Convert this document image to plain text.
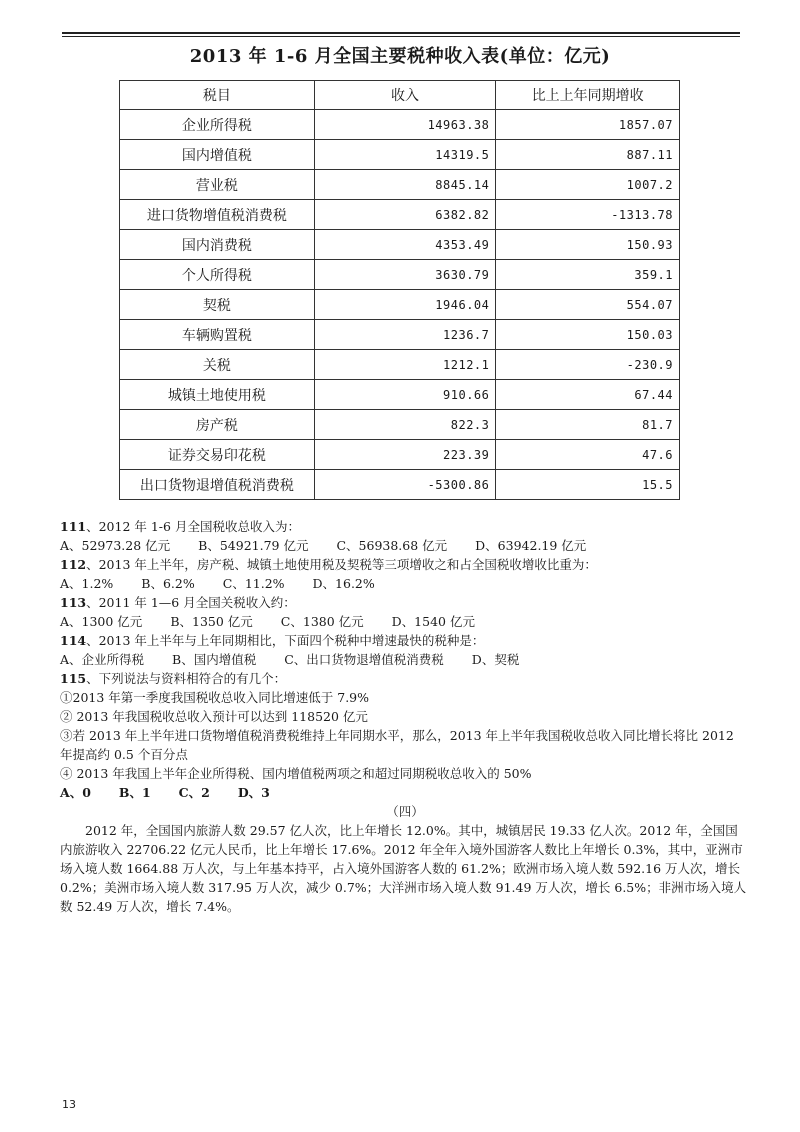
2013 年 1-6 月全国主要税种收入表(单位：亿元)
税目	收入	比上上年同期增收
企业所得税	14963.38	1857.07
国内增值税	14319.5	887.11
营业税	8845.14	1007.2
进口货物增值税消费税	6382.82	-1313.78
国内消费税	4353.49	150.93
个人所得税	3630.79	359.1
契税	1946.04	554.07
车辆购置税	1236.7	150.03
关税	1212.1	-230.9
城镇土地使用税	910.66	67.44
房产税	822.3	81.7
证券交易印花税	223.39	47.6
出口货物退增值税消费税	-5300.86	15.5

111、2012 年 1-6 月全国税收总收入为：

A、52973.28 亿元 B、54921.79 亿元 C、56938.68 亿元 D、63942.19 亿元

112、2013 年上半年，房产税、城镇土地使用税及契税等三项增收之和占全国税收增收比重为：

A、1.2% B、6.2% C、11.2% D、16.2%

113、2011 年 1—6 月全国关税收入约：

A、1300 亿元 B、1350 亿元 C、1380 亿元 D、1540 亿元

114、2013 年上半年与上年同期相比，下面四个税种中增速最快的税种是：

A、企业所得税 B、国内增值税 C、出口货物退增值税消费税 D、契税

115、下列说法与资料相符合的有几个：

①2013 年第一季度我国税收总收入同比增速低于 7.9%

② 2013 年我国税收总收入预计可以达到 118520 亿元

③若 2013 年上半年进口货物增值税消费税维持上年同期水平，那么，2013 年上半年我国税收总收入同比增长将比 2012 年提高约 0.5 个百分点

④ 2013 年我国上半年企业所得税、国内增值税两项之和超过同期税收总收入的 50%

A、0 B、1 C、2 D、3

（四）

2012 年，全国国内旅游人数 29.57 亿人次，比上年增长 12.0%。其中，城镇居民 19.33 亿人次。2012 年，全国国内旅游收入 22706.22 亿元人民币，比上年增长 17.6%。2012 年全年入境外国游客人数比上年增长 0.3%，其中，亚洲市场入境人数 1664.88 万人次，与上年基本持平，占入境外国游客人数的 61.2%；欧洲市场入境人数 592.16 万人次，增长 0.2%；美洲市场入境人数 317.95 万人次，减少 0.7%；大洋洲市场入境人数 91.49 万人次，增长 6.5%；非洲市场入境人数 52.49 万人次，增长 7.4%。

13
